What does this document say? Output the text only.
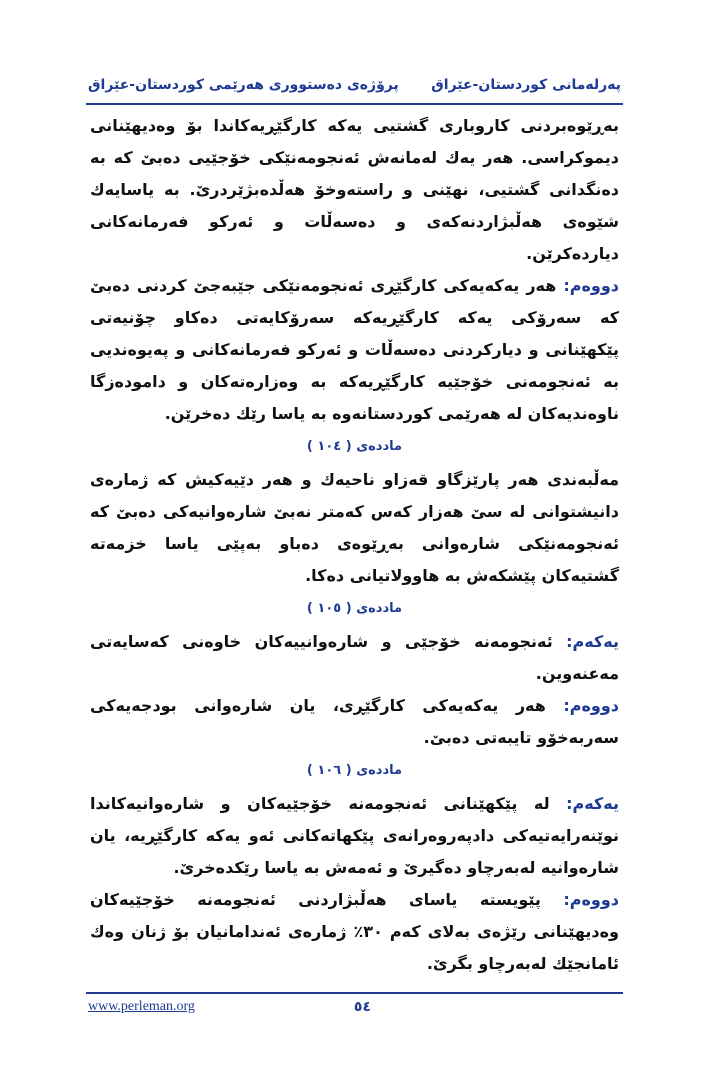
پەرلەمانی كوردستان-عێراق
پرۆژەی دەستووری هەرێمی كوردستان-عێراق

بەڕێوەبردنی كاروباری گشتیی یەكە كارگێڕیەكاندا بۆ وەدیهێنانی دیموكراسی. هەر یەك لەمانەش ئەنجومەنێكی خۆجێیی دەبێ كە بە دەنگدانی گشتیی، نهێنی و راستەوخۆ هەڵدەبژێردرێ. بە یاسایەك شێوەی هەڵبژاردنەكەی و دەسەڵات و ئەركو فەرمانەكانی دیاردەكرێن.

دووەم: هەر یەكەیەكی كارگێڕی ئەنجومەنێكی جێبەجێ كردنی دەبێ كە سەرۆكی یەكە كارگێڕیەكە سەرۆكایەتی دەكاو چۆنیەتی پێكهێنانی و دیاركردنی دەسەڵات و ئەركو فەرمانەكانی و پەیوەندیی بە ئەنجومەنی خۆجێیە كارگێڕیەكە بە وەزارەتەكان و دامودەزگا ناوەندیەكان لە هەرێمی كوردستانەوە بە یاسا رێك دەخرێن.

ماددەی ( ١٠٤ )

مەڵبەندی هەر پارێزگاو قەزاو ناحیەك و هەر دێیەكیش كە ژمارەی دانیشتوانی لە سێ هەزار كەس كەمتر نەبێ شارەوانیەكی دەبێ كە ئەنجومەنێكی شارەوانی بەڕێوەی دەباو بەپێی یاسا خزمەتە گشتیەكان پێشكەش بە هاوولاتیانی دەكا.

ماددەی ( ١٠٥ )

یەكەم: ئەنجومەنە خۆجێی و شارەوانییەكان خاوەنی كەسایەتی مەعنەوین.

دووەم: هەر یەكەیەكی كارگێڕی، یان شارەوانی بودجەیەكی سەربەخۆو تایبەتی دەبێ.

ماددەی ( ١٠٦ )

یەكەم: لە پێكهێنانی ئەنجومەنە خۆجێیەكان و شارەوانیەكاندا نوێنەرایەتیەكی دادپەروەرانەی پێكهاتەكانی ئەو یەكە كارگێڕیە، یان شارەوانیە لەبەرچاو دەگیرێ و ئەمەش بە یاسا رێكدەخرێ.

دووەم: پێویستە یاسای هەڵبژاردنی ئەنجومەنە خۆجێیەكان وەدیهێنانی رێژەی بەلای كەم ٣٠٪ ژمارەی ئەندامانیان بۆ ژنان وەك ئامانجێك لەبەرچاو بگرێ.

www.perleman.org	٥٤
